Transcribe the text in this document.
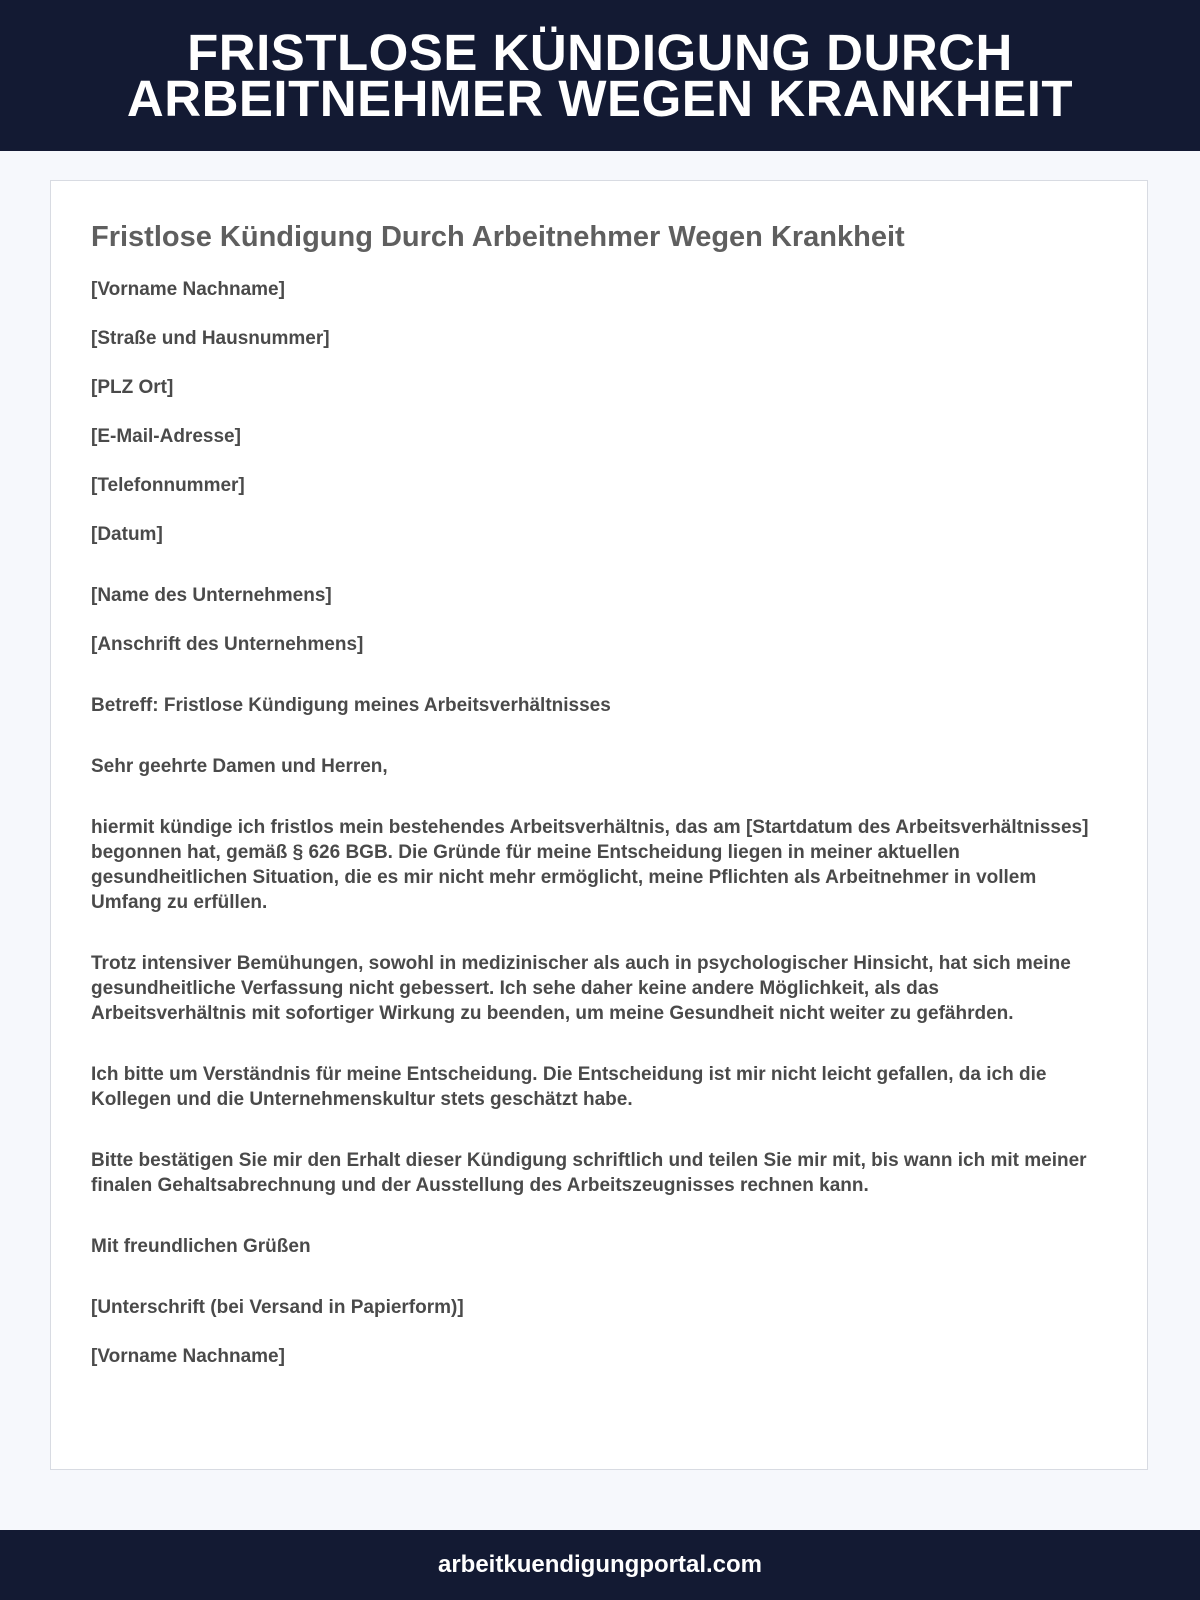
FRISTLOSE KÜNDIGUNG DURCH ARBEITNEHMER WEGEN KRANKHEIT
Fristlose Kündigung Durch Arbeitnehmer Wegen Krankheit

[Vorname Nachname]

[Straße und Hausnummer]

[PLZ Ort]

[E-Mail-Adresse]

[Telefonnummer]

[Datum]

[Name des Unternehmens]

[Anschrift des Unternehmens]

Betreff: Fristlose Kündigung meines Arbeitsverhältnisses

Sehr geehrte Damen und Herren,

hiermit kündige ich fristlos mein bestehendes Arbeitsverhältnis, das am [Startdatum des Arbeitsverhältnisses] begonnen hat, gemäß § 626 BGB. Die Gründe für meine Entscheidung liegen in meiner aktuellen gesundheitlichen Situation, die es mir nicht mehr ermöglicht, meine Pflichten als Arbeitnehmer in vollem Umfang zu erfüllen.

Trotz intensiver Bemühungen, sowohl in medizinischer als auch in psychologischer Hinsicht, hat sich meine gesundheitliche Verfassung nicht gebessert. Ich sehe daher keine andere Möglichkeit, als das Arbeitsverhältnis mit sofortiger Wirkung zu beenden, um meine Gesundheit nicht weiter zu gefährden.

Ich bitte um Verständnis für meine Entscheidung. Die Entscheidung ist mir nicht leicht gefallen, da ich die Kollegen und die Unternehmenskultur stets geschätzt habe.

Bitte bestätigen Sie mir den Erhalt dieser Kündigung schriftlich und teilen Sie mir mit, bis wann ich mit meiner finalen Gehaltsabrechnung und der Ausstellung des Arbeitszeugnisses rechnen kann.

Mit freundlichen Grüßen

[Unterschrift (bei Versand in Papierform)]

[Vorname Nachname]

arbeitkuendigungportal.com
